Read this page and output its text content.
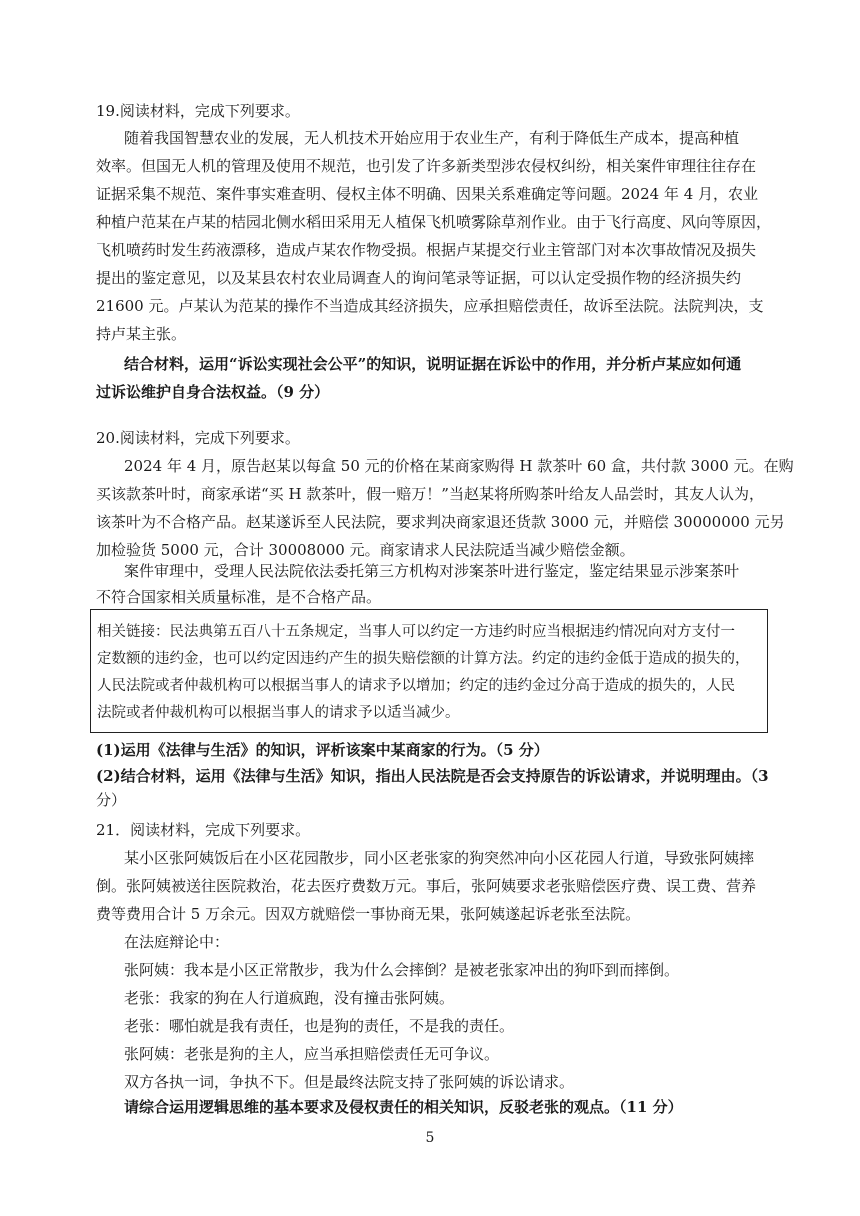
19.阅读材料，完成下列要求。
随着我国智慧农业的发展，无人机技术开始应用于农业生产，有利于降低生产成本，提高种植
效率。但国无人机的管理及使用不规范，也引发了许多新类型涉农侵权纠纷，相关案件审理往往存在
证据采集不规范、案件事实难查明、侵权主体不明确、因果关系难确定等问题。2024 年 4 月，农业
种植户范某在卢某的桔园北侧水稻田采用无人植保飞机喷雾除草剂作业。由于飞行高度、风向等原因，
飞机喷药时发生药液漂移，造成卢某农作物受损。根据卢某提交行业主管部门对本次事故情况及损失
提出的鉴定意见，以及某县农村农业局调查人的询问笔录等证据，可以认定受损作物的经济损失约
21600 元。卢某认为范某的操作不当造成其经济损失，应承担赔偿责任，故诉至法院。法院判决，支
持卢某主张。
结合材料，运用“诉讼实现社会公平”的知识，说明证据在诉讼中的作用，并分析卢某应如何通
过诉讼维护自身合法权益。（9 分）
20.阅读材料，完成下列要求。
2024 年 4 月，原告赵某以每盒 50 元的价格在某商家购得 H 款茶叶 60 盒，共付款 3000 元。在购
买该款茶叶时，商家承诺“买 H 款茶叶，假一赔万！”当赵某将所购茶叶给友人品尝时，其友人认为，
该茶叶为不合格产品。赵某遂诉至人民法院，要求判决商家退还货款 3000 元，并赔偿 30000000 元另
加检验货 5000 元，合计 30008000 元。商家请求人民法院适当减少赔偿金额。
案件审理中，受理人民法院依法委托第三方机构对涉案茶叶进行鉴定，鉴定结果显示涉案茶叶
不符合国家相关质量标准，是不合格产品。
相关链接：民法典第五百八十五条规定，当事人可以约定一方违约时应当根据违约情况向对方支付一
定数额的违约金，也可以约定因违约产生的损失赔偿额的计算方法。约定的违约金低于造成的损失的，
人民法院或者仲裁机构可以根据当事人的请求予以增加；约定的违约金过分高于造成的损失的，人民
法院或者仲裁机构可以根据当事人的请求予以适当减少。
(1)运用《法律与生活》的知识，评析该案中某商家的行为。（5 分）
(2)结合材料，运用《法律与生活》知识，指出人民法院是否会支持原告的诉讼请求，并说明理由。（3
分）
21．阅读材料，完成下列要求。
某小区张阿姨饭后在小区花园散步，同小区老张家的狗突然冲向小区花园人行道，导致张阿姨摔
倒。张阿姨被送往医院救治，花去医疗费数万元。事后，张阿姨要求老张赔偿医疗费、误工费、营养
费等费用合计 5 万余元。因双方就赔偿一事协商无果，张阿姨遂起诉老张至法院。
在法庭辩论中：
张阿姨：我本是小区正常散步，我为什么会摔倒？是被老张家冲出的狗吓到而摔倒。
老张：我家的狗在人行道疯跑，没有撞击张阿姨。
老张：哪怕就是我有责任，也是狗的责任，不是我的责任。
张阿姨：老张是狗的主人，应当承担赔偿责任无可争议。
双方各执一词，争执不下。但是最终法院支持了张阿姨的诉讼请求。
请综合运用逻辑思维的基本要求及侵权责任的相关知识，反驳老张的观点。（11 分）
5
